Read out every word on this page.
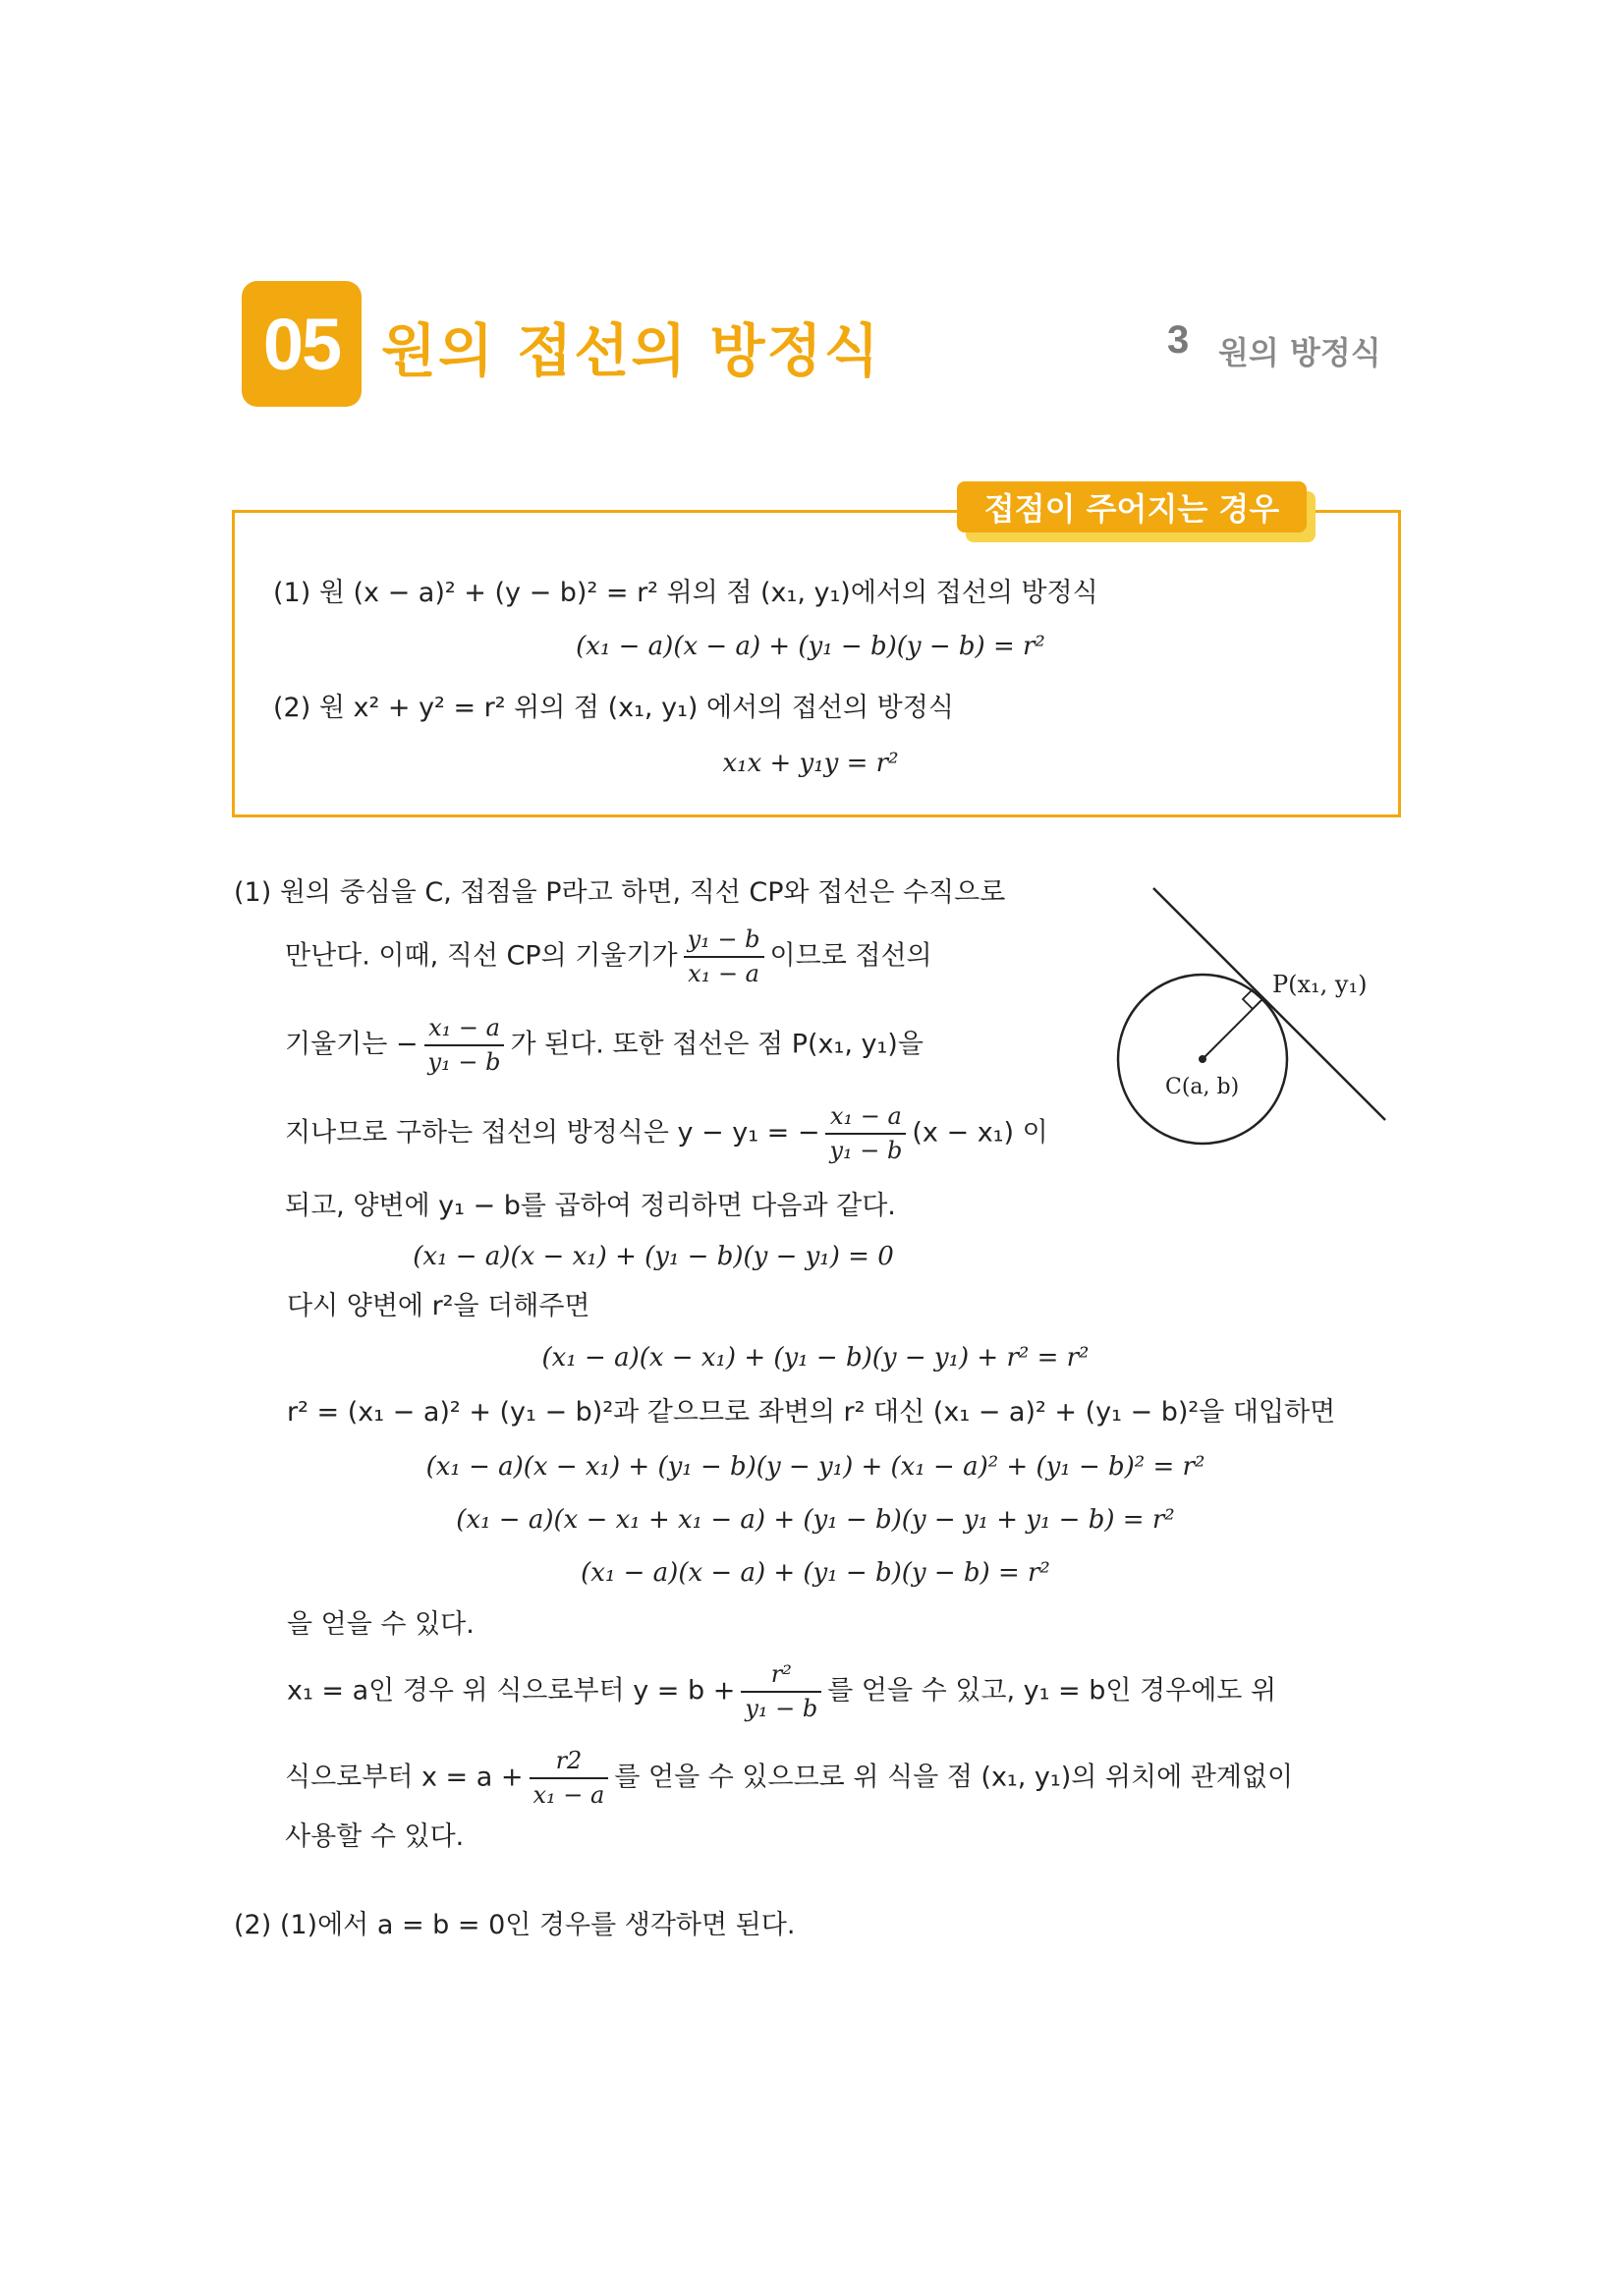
05 원의 접선의 방정식	3 원의 방정식
접점이 주어지는 경우
(1) 원 (x − a)² + (y − b)² = r² 위의 점 (x₁, y₁)에서의 접선의 방정식
(x₁ − a)(x − a) + (y₁ − b)(y − b) = r²
(2) 원 x² + y² = r² 위의 점 (x₁, y₁) 에서의 접선의 방정식
x₁x + y₁y = r²
(1) 원의 중심을 C, 접점을 P라고 하면, 직선 CP와 접선은 수직으로
만난다. 이때, 직선 CP의 기울기가 $\frac{\text{y₁ − b}}{\text{x₁ − a}}$ 이므로 접선의
기울기는 − $\frac{\text{x₁ − a}}{\text{y₁ − b}}$ 가 된다. 또한 접선은 점 P(x₁, y₁)을
지나므로 구하는 접선의 방정식은 y − y₁ = − $\frac{\text{x₁ − a}}{\text{y₁ − b}} (x - x_1)$ 이
되고, 양변에 y₁ − b를 곱하여 정리하면 다음과 같다.
(x₁ − a)(x − x₁) + (y₁ − b)(y − y₁) = 0
다시 양변에 r²을 더해주면
(x₁ − a)(x − x₁) + (y₁ − b)(y − y₁) + r² = r²
r² = (x₁ − a)² + (y₁ − b)²과 같으므로 좌변의 r² 대신 (x₁ − a)² + (y₁ − b)²을 대입하면
(x₁ − a)(x − x₁) + (y₁ − b)(y − y₁) + (x₁ − a)² + (y₁ − b)² = r²
(x₁ − a)(x − x₁ + x₁ − a) + (y₁ − b)(y − y₁ + y₁ − b) = r²
(x₁ − a)(x − a) + (y₁ − b)(y − b) = r²
을 얻을 수 있다.
x₁ = a인 경우 위 식으로부터 $y = b + \frac{\text{r²}}{\text{y₁ − b}}$ 를 얻을 수 있고, y₁ = b인 경우에도 위
식으로부터 $x = a + \frac{r2}{\text{x₁ − a}}$ 를 얻을 수 있으므로 위 식을 점 (x₁, y₁)의 위치에 관계없이
사용할 수 있다.
(2) (1)에서 a = b = 0인 경우를 생각하면 된다.
P(x₁, y₁)
C(a, b)
